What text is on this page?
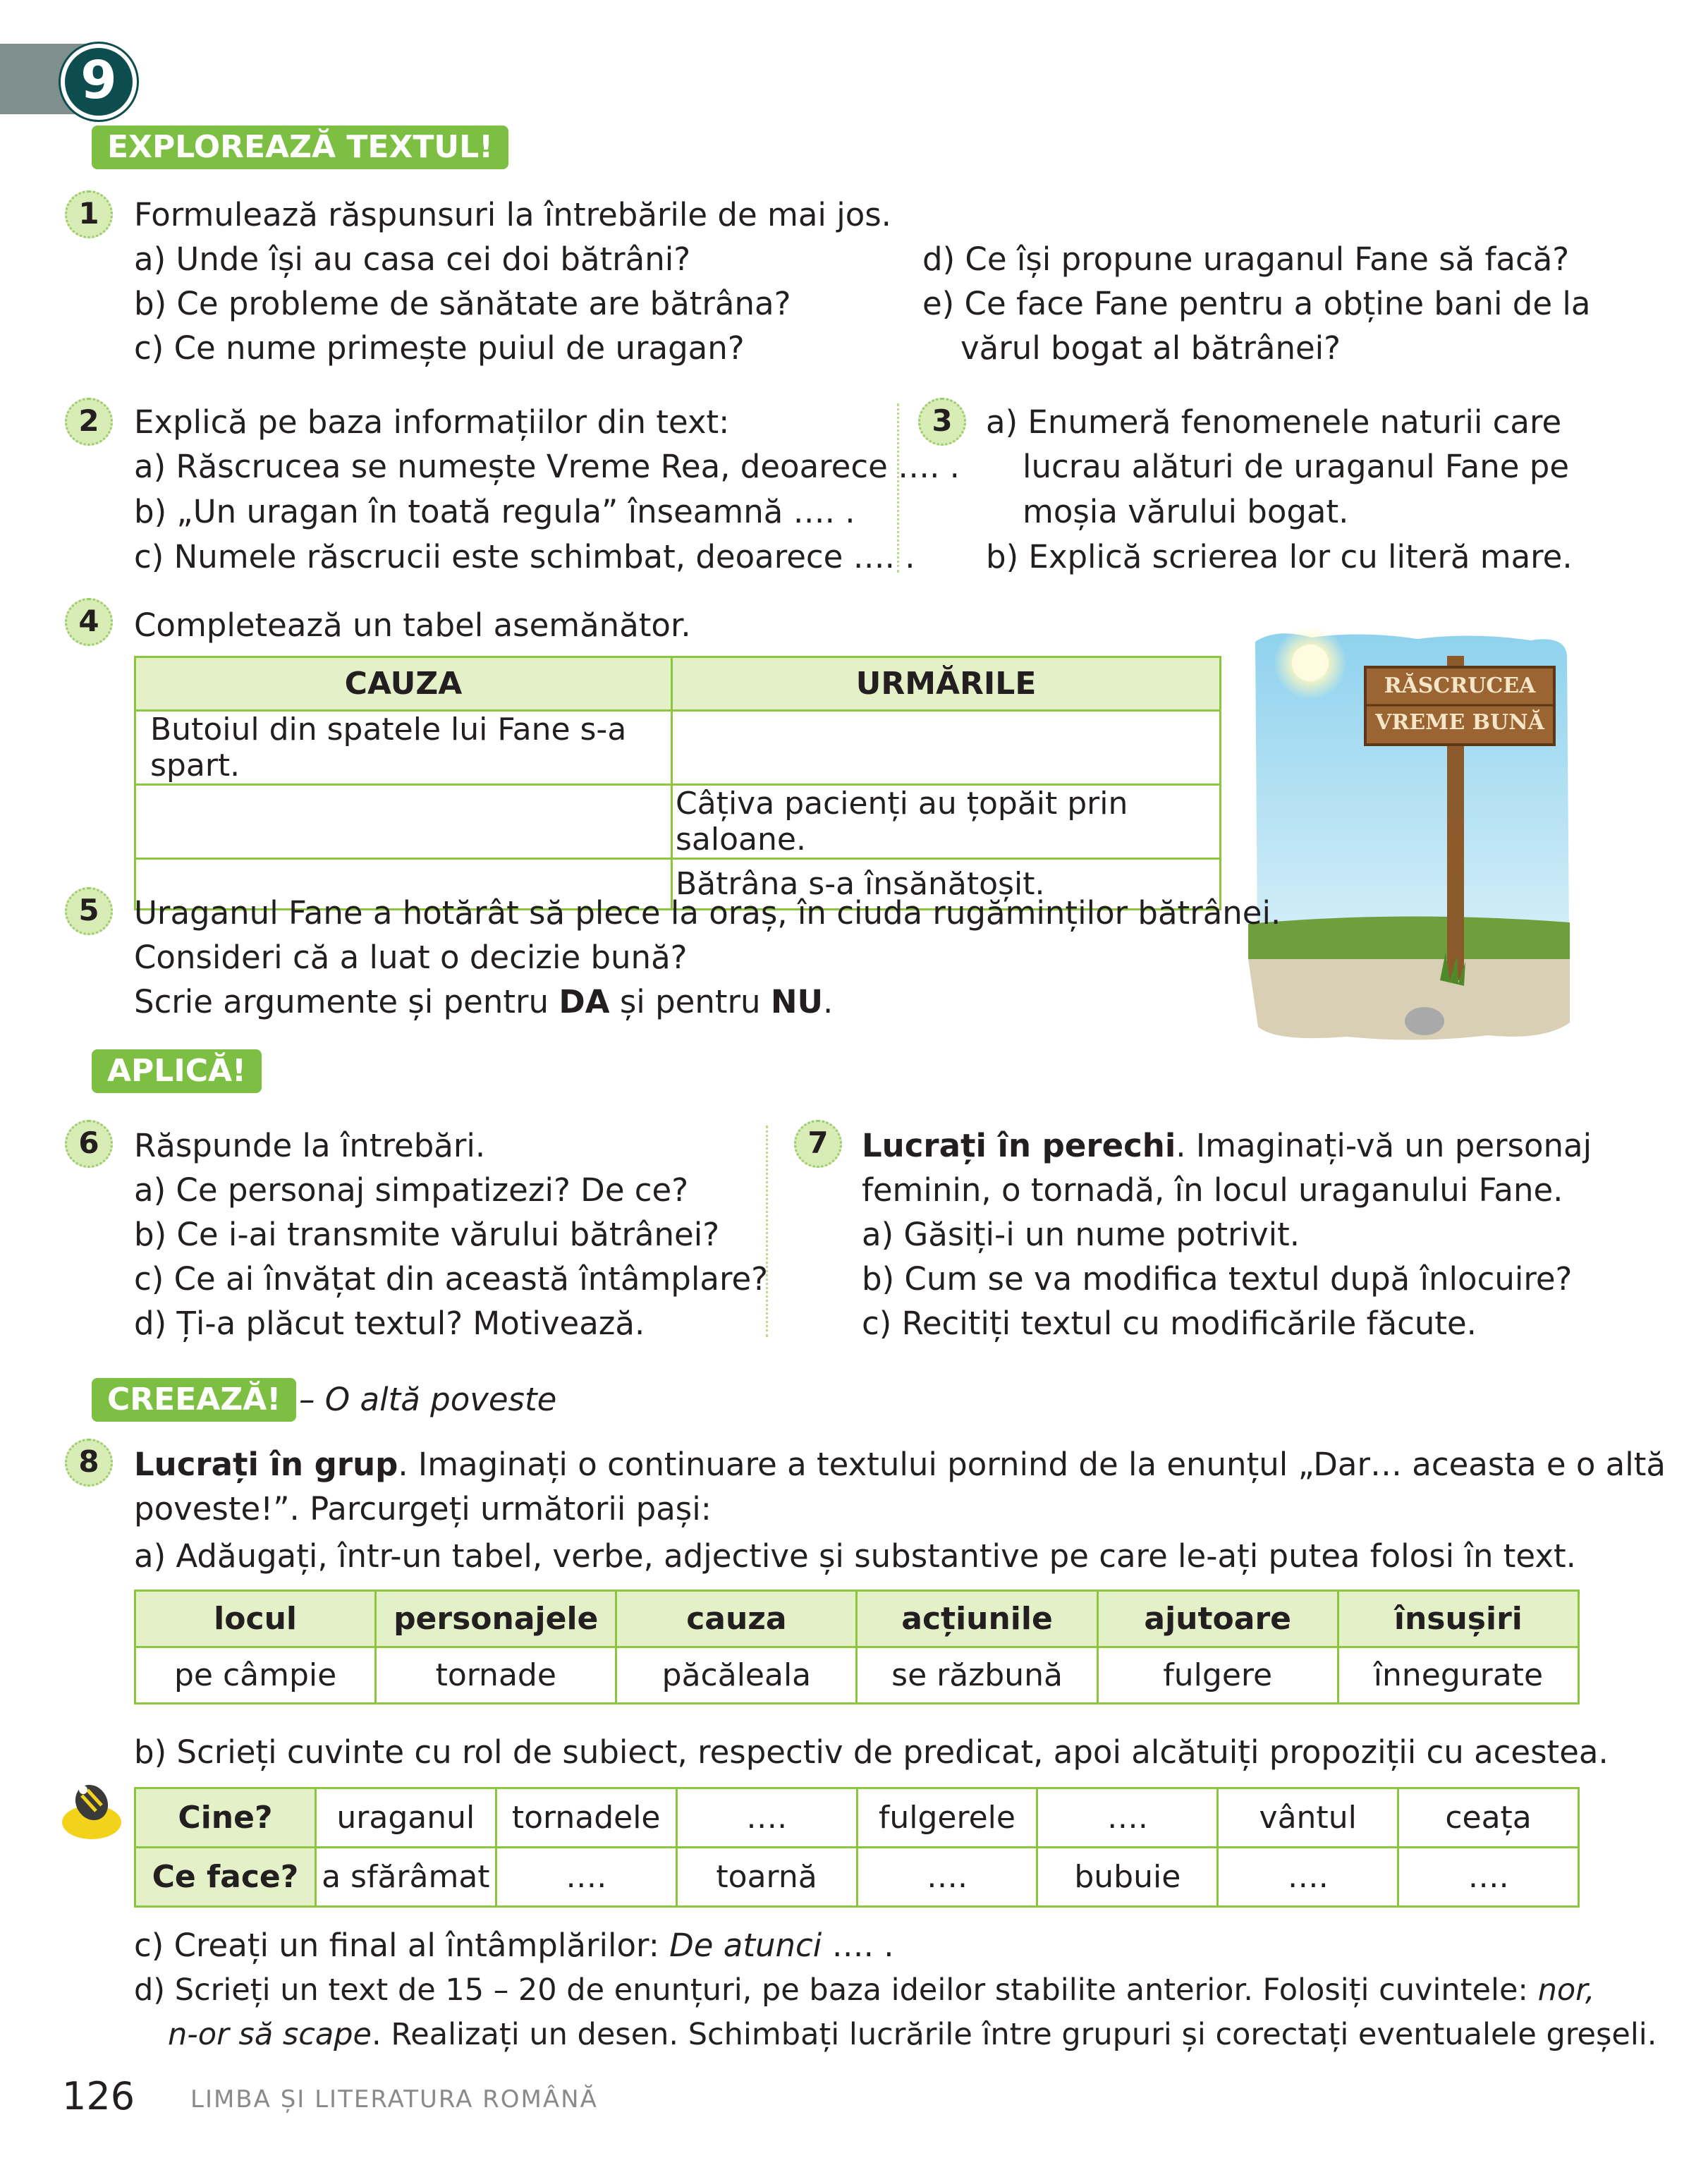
9
EXPLOREAZĂ TEXTUL!
1	Formulează răspunsuri la întrebările de mai jos.
a) Unde își au casa cei doi bătrâni?
b) Ce probleme de sănătate are bătrâna?
c) Ce nume primește puiul de uragan?
d) Ce își propune uraganul Fane să facă?
e) Ce face Fane pentru a obține bani de la
vărul bogat al bătrânei?
2	Explică pe baza informațiilor din text:
a) Răscrucea se numește Vreme Rea, deoarece …. .
b) „Un uragan în toată regula” înseamnă …. .
c) Numele răscrucii este schimbat, deoarece …. .
3	a) Enumeră fenomenele naturii care
lucrau alături de uraganul Fane pe
moșia vărului bogat.
b) Explică scrierea lor cu literă mare.
4	Completează un tabel asemănător.
CAUZA	URMĂRILE
Butoiul din spatele lui Fane s-a spart.	
	Câțiva pacienți au țopăit prin saloane.
	Bătrâna s-a însănătoșit.
RĂSCRUCEA
VREME BUNĂ
5	Uraganul Fane a hotărât să plece la oraș, în ciuda rugăminților bătrânei.
Consideri că a luat o decizie bună?
Scrie argumente și pentru DA și pentru NU.
APLICĂ!
6	Răspunde la întrebări.
a) Ce personaj simpatizezi? De ce?
b) Ce i-ai transmite vărului bătrânei?
c) Ce ai învățat din această întâmplare?
d) Ți-a plăcut textul? Motivează.
7	Lucrați în perechi. Imaginați-vă un personaj
feminin, o tornadă, în locul uraganului Fane.
a) Găsiți-i un nume potrivit.
b) Cum se va modifica textul după înlocuire?
c) Recitiți textul cu modificările făcute.
CREEAZĂ! – O altă poveste
8	Lucrați în grup. Imaginați o continuare a textului pornind de la enunțul „Dar… aceasta e o altă
poveste!”. Parcurgeți următorii pași:
a) Adăugați, într-un tabel, verbe, adjective și substantive pe care le-ați putea folosi în text.
locul	personajele	cauza	acțiunile	ajutoare	însușiri
pe câmpie	tornade	păcăleala	se răzbună	fulgere	înnegurate
b) Scrieți cuvinte cu rol de subiect, respectiv de predicat, apoi alcătuiți propoziții cu acestea.
Cine?	uraganul	tornadele	….	fulgerele	….	vântul	ceața
Ce face?	a sfărâmat	….	toarnă	….	bubuie	….	….
c) Creați un final al întâmplărilor: De atunci …. .
d) Scrieți un text de 15 – 20 de enunțuri, pe baza ideilor stabilite anterior. Folosiți cuvintele: nor,
n-or să scape. Realizați un desen. Schimbați lucrările între grupuri și corectați eventualele greșeli.
126 LIMBA ȘI LITERATURA ROMÂNĂ
